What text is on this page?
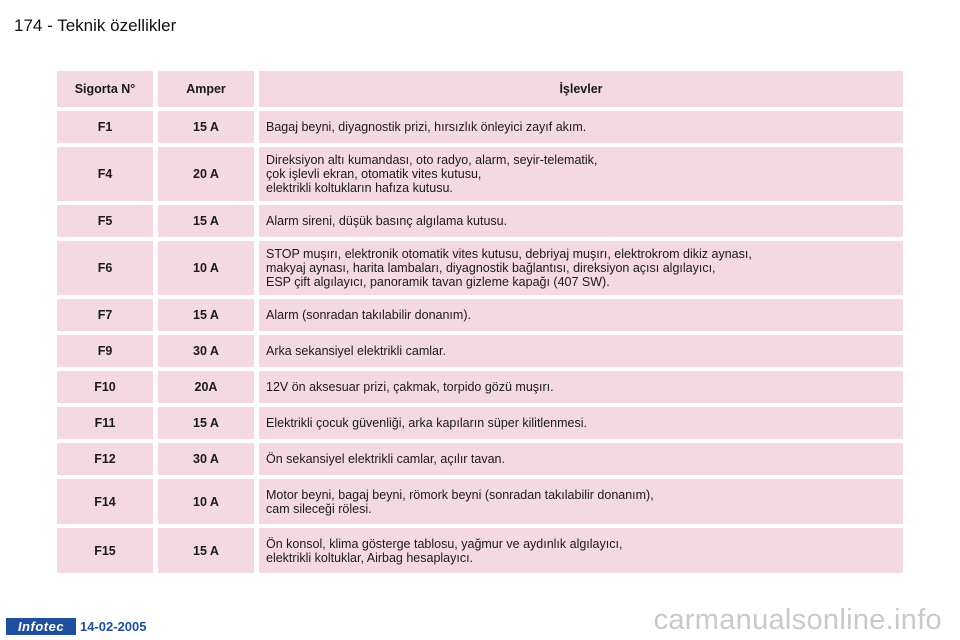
174 - Teknik özellikler
Sigorta N°	Amper	İşlevler
F1	15 A	Bagaj beyni, diyagnostik prizi, hırsızlık önleyici zayıf akım.

F4	20 A	Direksiyon altı kumandası, oto radyo, alarm, seyir-telematik,
çok işlevli ekran, otomatik vites kutusu,
elektrikli koltukların hafıza kutusu.

F5	15 A	Alarm sireni, düşük basınç algılama kutusu.

F6	10 A	STOP muşırı, elektronik otomatik vites kutusu, debriyaj muşırı, elektrokrom dikiz aynası,
makyaj aynası, harita lambaları, diyagnostik bağlantısı, direksiyon açısı algılayıcı,
ESP çift algılayıcı, panoramik tavan gizleme kapağı (407 SW).

F7	15 A	Alarm (sonradan takılabilir donanım).

F9	30 A	Arka sekansiyel elektrikli camlar.

F10	20A	12V ön aksesuar prizi, çakmak, torpido gözü muşırı.

F11	15 A	Elektrikli çocuk güvenliği, arka kapıların süper kilitlenmesi.

F12	30 A	Ön sekansiyel elektrikli camlar, açılır tavan.

F14	10 A	Motor beyni, bagaj beyni, römork beyni (sonradan takılabilir donanım),
cam sileceği rölesi.

F15	15 A	Ön konsol, klima gösterge tablosu, yağmur ve aydınlık algılayıcı,
elektrikli koltuklar, Airbag hesaplayıcı.
Infotec	14-02-2005	carmanualsonline.info
